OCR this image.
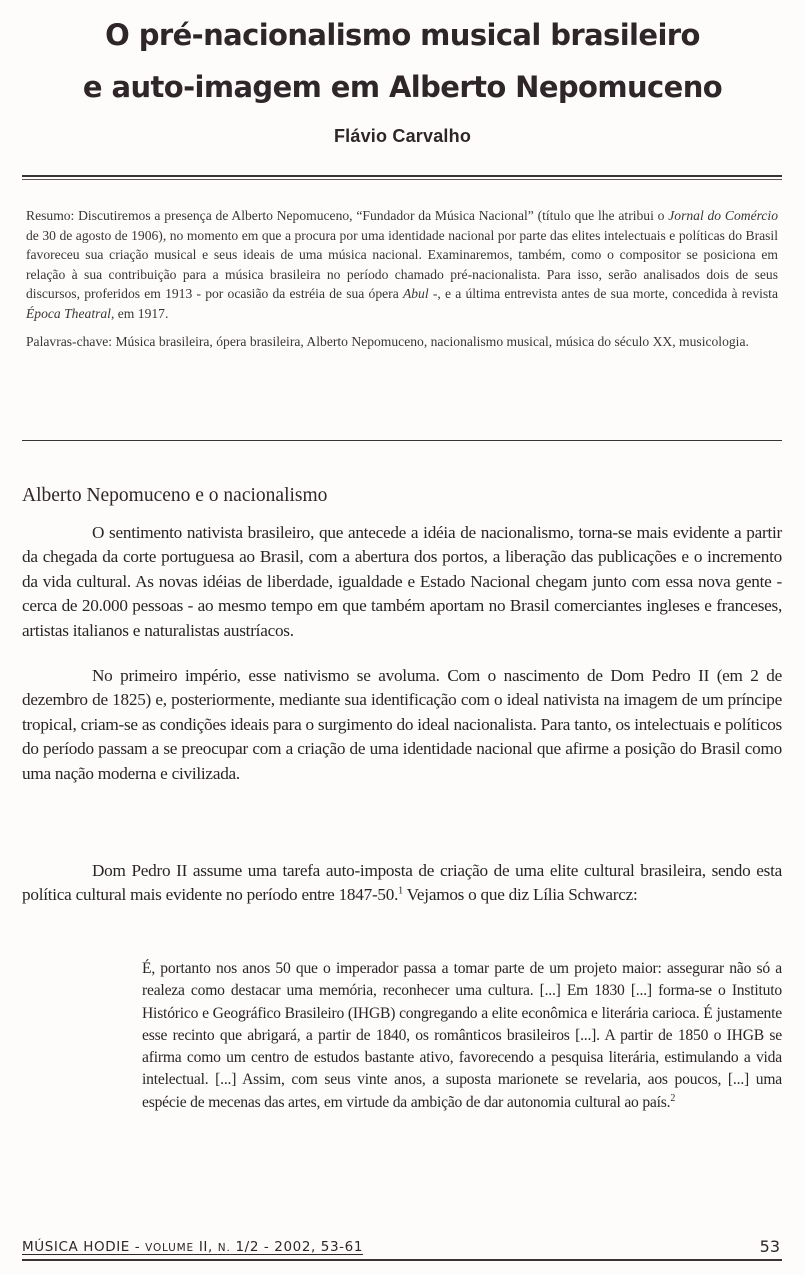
O pré-nacionalismo musical brasileiro
e auto-imagem em Alberto Nepomuceno
Flávio Carvalho

Resumo: Discutiremos a presença de Alberto Nepomuceno, “Fundador da Música Nacional” (título que lhe atribui o Jornal do Comércio de 30 de agosto de 1906), no momento em que a procura por uma identidade nacional por parte das elites intelectuais e políticas do Brasil favoreceu sua criação musical e seus ideais de uma música nacional. Examinaremos, também, como o compositor se posiciona em relação à sua contribuição para a música brasileira no período chamado pré-nacionalista. Para isso, serão analisados dois de seus discursos, proferidos em 1913 - por ocasião da estréia de sua ópera Abul -, e a última entrevista antes de sua morte, concedida à revista Época Theatral, em 1917.

Palavras-chave: Música brasileira, ópera brasileira, Alberto Nepomuceno, nacionalismo musical, música do século XX, musicologia.

Alberto Nepomuceno e o nacionalismo

O sentimento nativista brasileiro, que antecede a idéia de nacionalismo, torna-se mais evidente a partir da chegada da corte portuguesa ao Brasil, com a abertura dos portos, a liberação das publicações e o incremento da vida cultural. As novas idéias de liberdade, igualdade e Estado Nacional chegam junto com essa nova gente - cerca de 20.000 pessoas - ao mesmo tempo em que também aportam no Brasil comerciantes ingleses e franceses, artistas italianos e naturalistas austríacos.

No primeiro império, esse nativismo se avoluma. Com o nascimento de Dom Pedro II (em 2 de dezembro de 1825) e, posteriormente, mediante sua identificação com o ideal nativista na imagem de um príncipe tropical, criam-se as condições ideais para o surgimento do ideal nacionalista. Para tanto, os intelectuais e políticos do período passam a se preocupar com a criação de uma identidade nacional que afirme a posição do Brasil como uma nação moderna e civilizada.

Dom Pedro II assume uma tarefa auto-imposta de criação de uma elite cultural brasileira, sendo esta política cultural mais evidente no período entre 1847-50.$^1$ Vejamos o que diz Lília Schwarcz:

É, portanto nos anos 50 que o imperador passa a tomar parte de um projeto maior: assegurar não só a realeza como destacar uma memória, reconhecer uma cultura. [...] Em 1830 [...] forma-se o Instituto Histórico e Geográfico Brasileiro (IHGB) congregando a elite econômica e literária carioca. É justamente esse recinto que abrigará, a partir de 1840, os românticos brasileiros [...]. A partir de 1850 o IHGB se afirma como um centro de estudos bastante ativo, favorecendo a pesquisa literária, estimulando a vida intelectual. [...] Assim, com seus vinte anos, a suposta marionete se revelaria, aos poucos, [...] uma espécie de mecenas das artes, em virtude da ambição de dar autonomia cultural ao país.$^2$

MÚSICA HODIE - VOLUME II, N. 1/2 - 2002, 53-61	53
